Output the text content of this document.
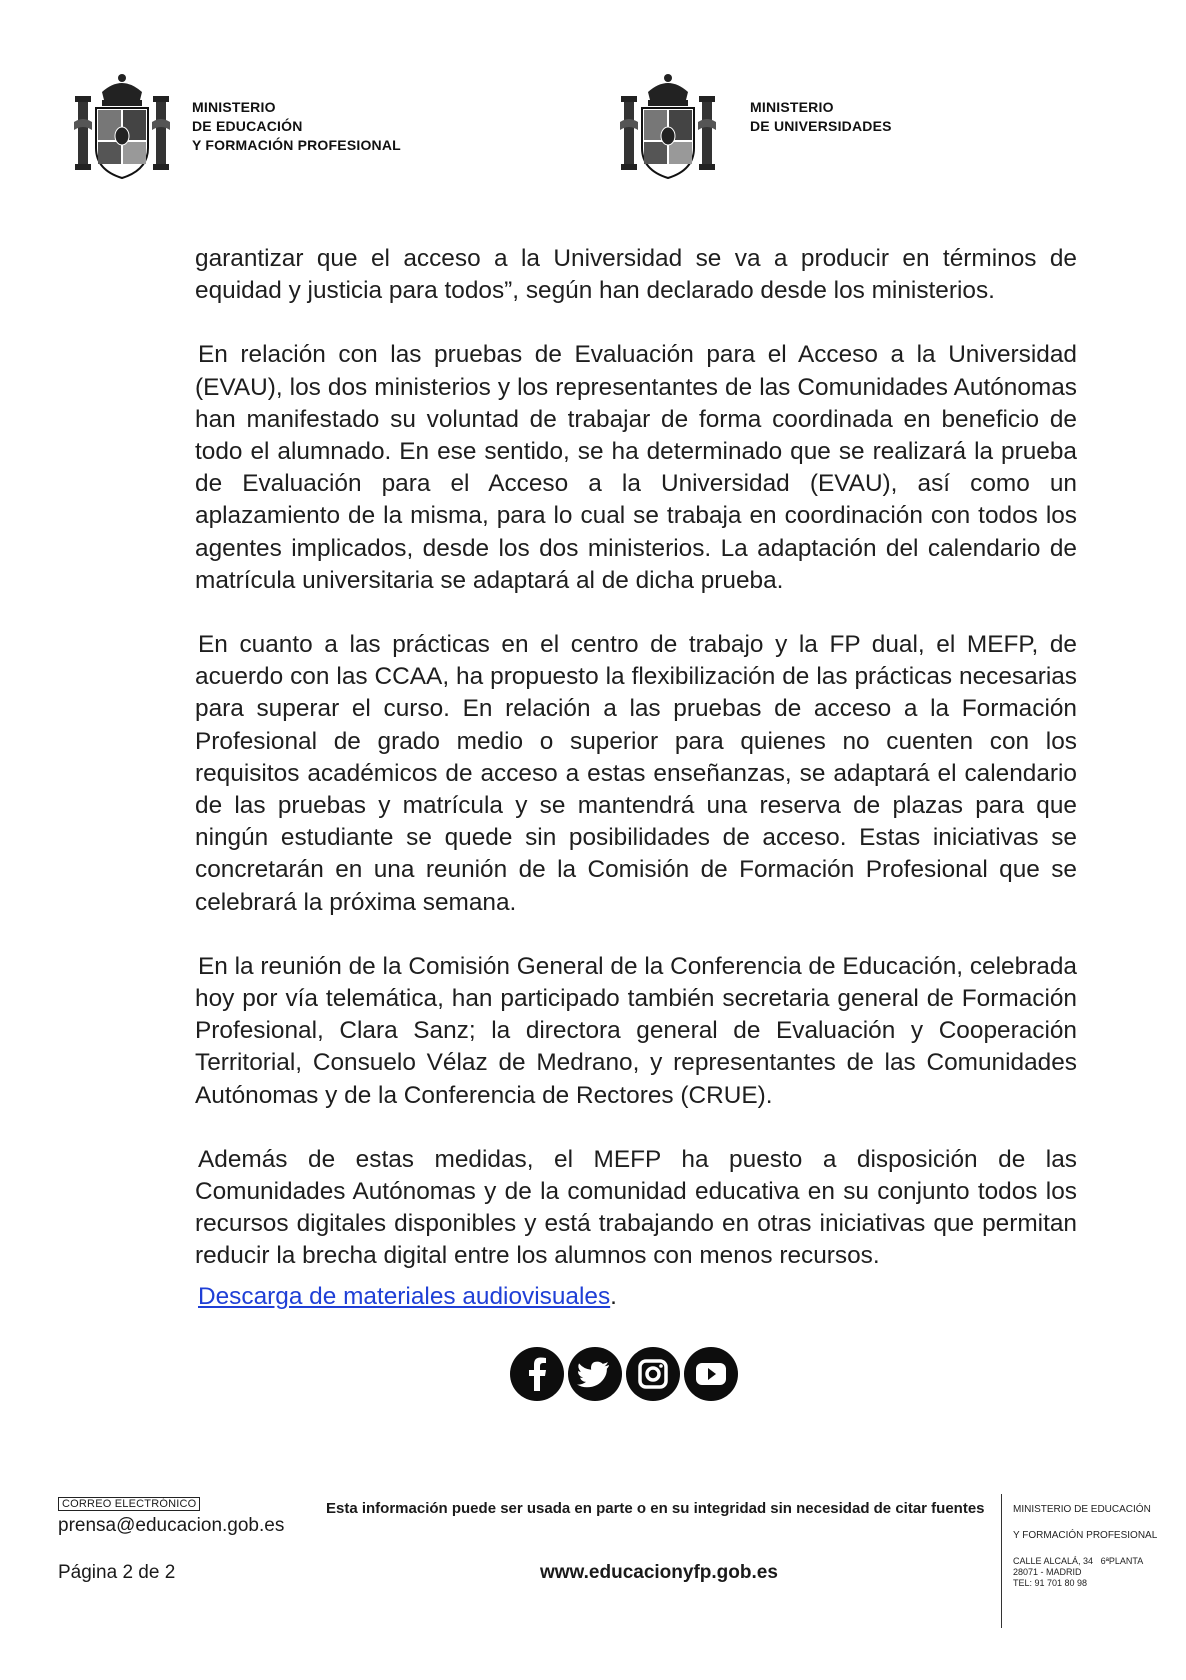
MINISTERIO
DE EDUCACIÓN
Y FORMACIÓN PROFESIONAL
MINISTERIO
DE UNIVERSIDADES

garantizar que el acceso a la Universidad se va a producir en términos de equidad y justicia para todos”, según han declarado desde los ministerios.

En relación con las pruebas de Evaluación para el Acceso a la Universidad (EVAU), los dos ministerios y los representantes de las Comunidades Autónomas han manifestado su voluntad de trabajar de forma coordinada en beneficio de todo el alumnado. En ese sentido, se ha determinado que se realizará la prueba de Evaluación para el Acceso a la Universidad (EVAU), así como un aplazamiento de la misma, para lo cual se trabaja en coordinación con todos los agentes implicados, desde los dos ministerios. La adaptación del calendario de matrícula universitaria se adaptará al de dicha prueba.

En cuanto a las prácticas en el centro de trabajo y la FP dual, el MEFP, de acuerdo con las CCAA, ha propuesto la flexibilización de las prácticas necesarias para superar el curso. En relación a las pruebas de acceso a la Formación Profesional de grado medio o superior para quienes no cuenten con los requisitos académicos de acceso a estas enseñanzas, se adaptará el calendario de las pruebas y matrícula y se mantendrá una reserva de plazas para que ningún estudiante se quede sin posibilidades de acceso. Estas iniciativas se concretarán en una reunión de la Comisión de Formación Profesional que se celebrará la próxima semana.

En la reunión de la Comisión General de la Conferencia de Educación, celebrada hoy por vía telemática, han participado también secretaria general de Formación Profesional, Clara Sanz; la directora general de Evaluación y Cooperación Territorial, Consuelo Vélaz de Medrano, y representantes de las Comunidades Autónomas y de la Conferencia de Rectores (CRUE).

Además de estas medidas, el MEFP ha puesto a disposición de las Comunidades Autónomas y de la comunidad educativa en su conjunto todos los recursos digitales disponibles y está trabajando en otras iniciativas que permitan reducir la brecha digital entre los alumnos con menos recursos.

Descarga de materiales audiovisuales.
CORREO ELECTRÓNICO
prensa@educacion.gob.es
Página 2 de 2
Esta información puede ser usada en parte o en su integridad sin necesidad de citar fuentes
www.educacionyfp.gob.es
MINISTERIO DE EDUCACIÓN
Y FORMACIÓN PROFESIONAL
CALLE ALCALÁ, 34 6ªPLANTA
28071 - MADRID
TEL: 91 701 80 98
